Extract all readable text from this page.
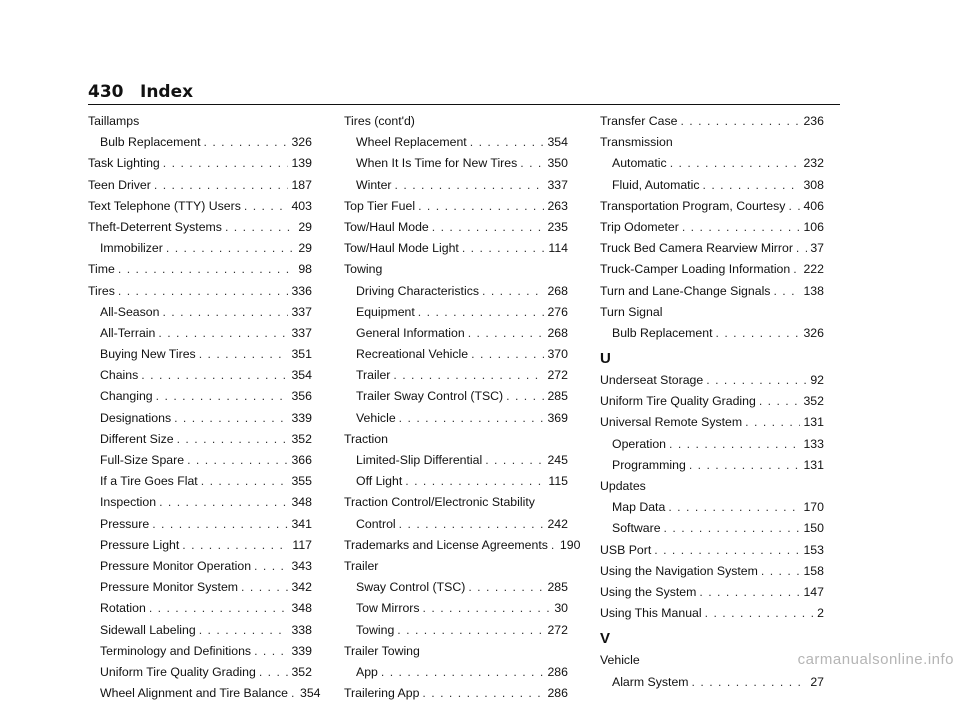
430 Index
Taillamps
Bulb Replacement . . .	326
Task Lighting . . .	139
Teen Driver . . .	187
Text Telephone (TTY) Users . . .	403
Theft-Deterrent Systems . . .	29
Immobilizer . . .	29
Time . . .	98
Tires . . .	336
All-Season . . .	337
All-Terrain . . .	337
Buying New Tires . . .	351
Chains . . .	354
Changing . . .	356
Designations . . .	339
Different Size . . .	352
Full-Size Spare . . .	366
If a Tire Goes Flat . . .	355
Inspection . . .	348
Pressure . . .	341
Pressure Light . . .	117
Pressure Monitor Operation . . .	343
Pressure Monitor System . . .	342
Rotation . . .	348
Sidewall Labeling . . .	338
Terminology and Definitions . . .	339
Uniform Tire Quality Grading . . .	352
Wheel Alignment and Tire Balance . . . 354
Tires (cont'd)
Wheel Replacement . . .	354
When It Is Time for New Tires . . . 350
Winter . . .	337
Top Tier Fuel . . .	263
Tow/Haul Mode . . .	235
Tow/Haul Mode Light . . .	114
Towing
Driving Characteristics . . .	268
Equipment . . .	276
General Information . . .	268
Recreational Vehicle . . .	370
Trailer . . .	272
Trailer Sway Control (TSC) . . .	285
Vehicle . . .	369
Traction
Limited-Slip Differential . . .	245
Off Light . . .	115
Traction Control/Electronic Stability
Control . . .	242
Trademarks and License Agreements . . . 190
Trailer
Sway Control (TSC) . . .	285
Tow Mirrors . . .	30
Towing . . .	272
Trailer Towing
App . . .	286
Trailering App . . .	286
Transfer Case . . .	236
Transmission
Automatic . . .	232
Fluid, Automatic . . .	308
Transportation Program, Courtesy . . . 406
Trip Odometer . . .	106
Truck Bed Camera Rearview Mirror . . . 37
Truck-Camper Loading Information . . . 222
Turn and Lane-Change Signals . . .	138
Turn Signal
Bulb Replacement . . .	326
U
Underseat Storage . . .	92
Uniform Tire Quality Grading . . .	352
Universal Remote System . . .	131
Operation . . .	133
Programming . . .	131
Updates
Map Data . . .	170
Software . . .	150
USB Port . . .	153
Using the Navigation System . . .	158
Using the System . . .	147
Using This Manual . . .	2
V
Vehicle
Alarm System . . .	27
carmanualsonline.info
